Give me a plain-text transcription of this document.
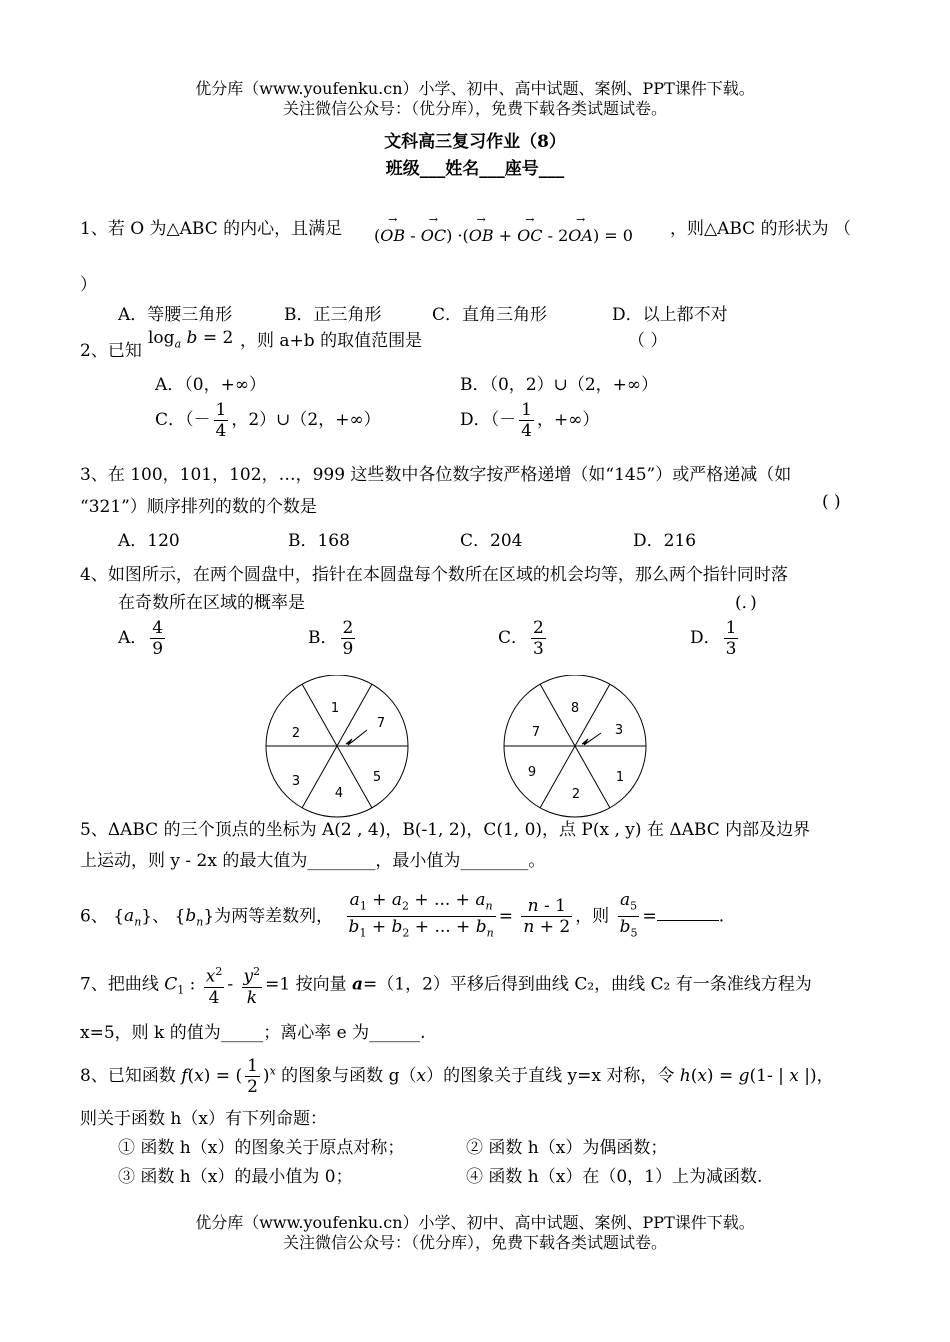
优分库（www.youfenku.cn）小学、初中、高中试题、案例、PPT课件下载。
关注微信公众号：（优分库），免费下载各类试题试卷。
文科高三复习作业（8）
班级___姓名___座号___
1、若 O 为△ABC 的内心，且满足 (→ OB - → OC) ·(→ OB + → OC - 2→ OA) = 0 ，则△ABC 的形状为 （
）
A．等腰三角形	B．正三角形	C．直角三角形	D．以上都不对
2、已知
$\log_a b = 2$ ，则 a+b 的取值范围是	（ ）
A．（0，+∞）	B．（0，2）∪（2，+∞）
C．（－ $\frac{1}{4}$ ，2）∪（2，+∞）	D．（－ $\frac{1}{4}$ ，+∞）
3、在 100，101，102，…，999 这些数中各位数字按严格递增（如“145”）或严格递减（如
“321”）顺序排列的数的个数是	( )
A．120	B．168	C．204	D．216
4、如图所示，在两个圆盘中，指针在本圆盘每个数所在区域的机会均等，那么两个指针同时落
在奇数所在区域的概率是	(．)
A． $\frac{4}{9}$	B． $\frac{2}{9}$	C． $\frac{2}{3}$	D． $\frac{1}{3}$
1
7
2
3
4
5
8
7	3
9	1
2
5、ΔABC 的三个顶点的坐标为 A(2 , 4)，B(-1, 2)，C(1, 0)，点 P(x , y) 在 ΔABC 内部及边界
上运动，则 y - 2x 的最大值为________，最小值为________。
6、 $\{a_n\}$、 $\{b_n\}$为两等差数列， $\frac{a_1 + a_2 + ... + a_n}{b_1 + b_2 + ... + b_n} = \frac{n - 1}{n + 2}$ ，则 $\frac{a_5}{b_5}$ =	.
7、把曲线 $C_1$ : $\frac{x^2}{4} - \frac{y^2}{k} =1$ 按向量 a=（1，2）平移后得到曲线 C₂，曲线 C₂ 有一条准线方程为
x=5，则 k 的值为_____；离心率 e 为______.
8、已知函数 f(x) = ( $\frac{1}{2} )^x$ 的图象与函数 g（x）的图象关于直线 y=x 对称，令 h(x) = g(1- | x |)，
则关于函数 h（x）有下列命题：
① 函数 h（x）的图象关于原点对称；	② 函数 h（x）为偶函数；
③ 函数 h（x）的最小值为 0；	④ 函数 h（x）在（0，1）上为减函数.
优分库（www.youfenku.cn）小学、初中、高中试题、案例、PPT课件下载。
关注微信公众号：（优分库），免费下载各类试题试卷。
